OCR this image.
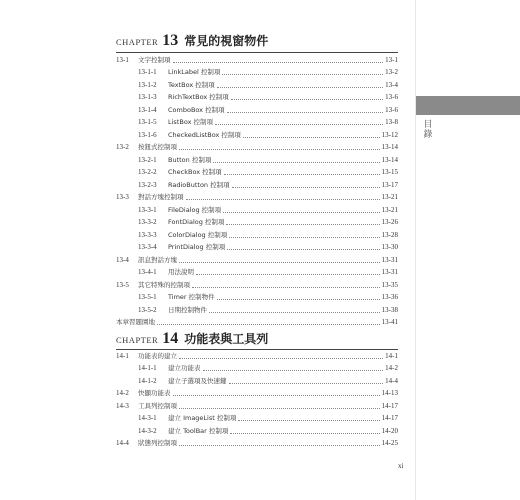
目
錄
CHAPTER 13 常見的視窗物件
13-1	文字控制項	13-1
13-1-1	LinkLabel 控制項	13-2
13-1-2	TextBox 控制項	13-4
13-1-3	RichTextBox 控制項	13-6
13-1-4	ComboBox 控制項	13-6
13-1-5	ListBox 控制項	13-8
13-1-6	CheckedListBox 控制項	13-12
13-2	按鈕式控制項	13-14
13-2-1	Button 控制項	13-14
13-2-2	CheckBox 控制項	13-15
13-2-3	RadioButton 控制項	13-17
13-3	對話方塊控制項	13-21
13-3-1	FileDialog 控制項	13-21
13-3-2	FontDialog 控制項	13-26
13-3-3	ColorDialog 控制項	13-28
13-3-4	PrintDialog 控制項	13-30
13-4	訊息對話方塊	13-31
13-4-1	用法說明	13-31
13-5	其它特殊的控制項	13-35
13-5-1	Timer 控制物件	13-36
13-5-2	日期控制物件	13-38
本章習題園地	13-41
CHAPTER 14 功能表與工具列
14-1	功能表的建立	14-1
14-1-1	建立功能表	14-2
14-1-2	建立子選項及快速鍵	14-4
14-2	快顯功能表	14-13
14-3	工具列控制項	14-17
14-3-1	建立 ImageList 控制項	14-17
14-3-2	建立 ToolBar 控制項	14-20
14-4	狀態列控制項	14-25
xi
